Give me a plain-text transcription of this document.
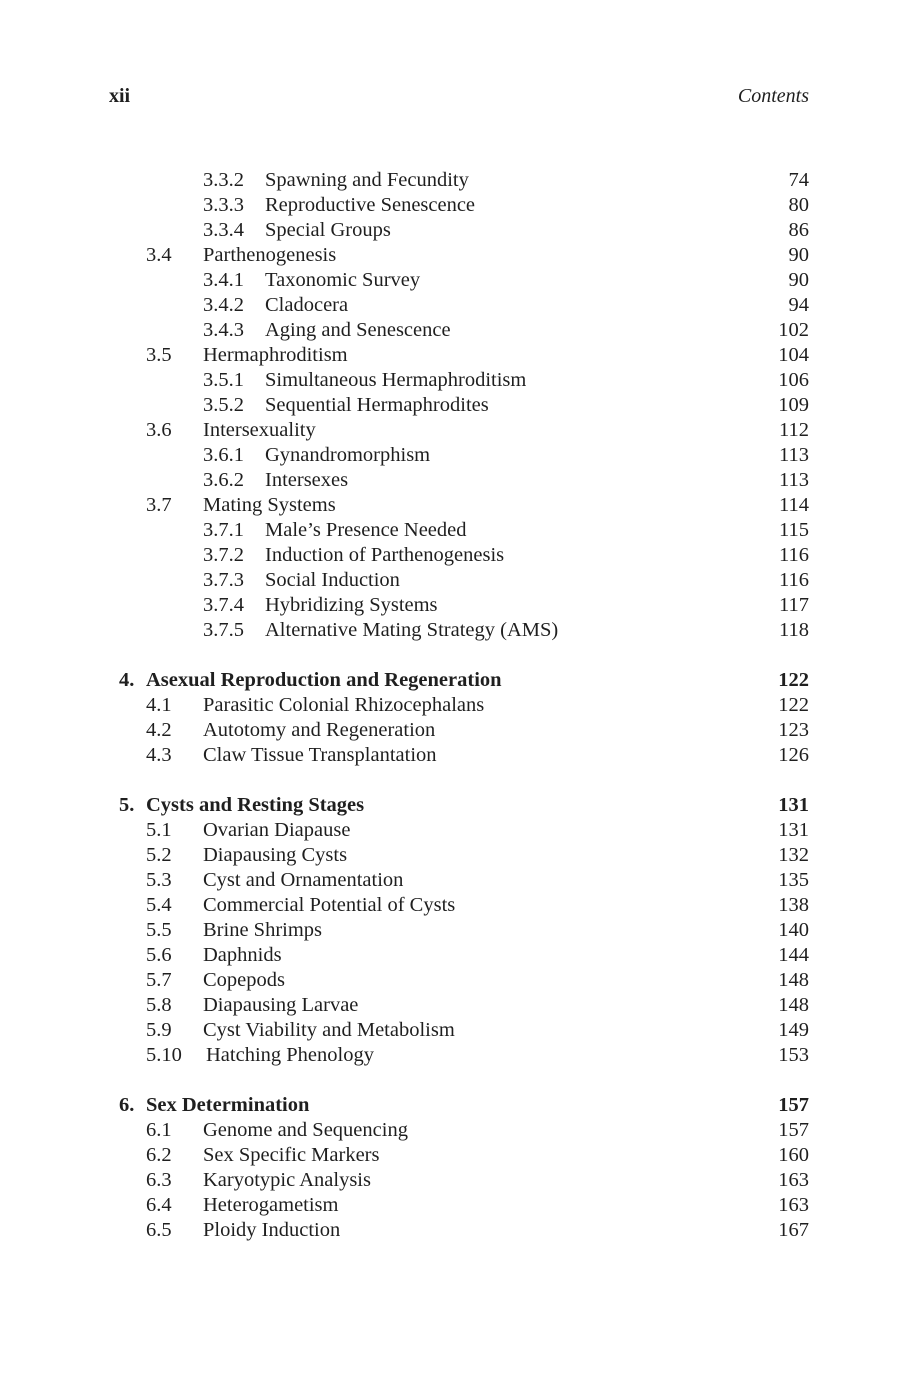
xii	Contents
3.3.2 Spawning and Fecundity	74
3.3.3 Reproductive Senescence	80
3.3.4 Special Groups	86
3.4 Parthenogenesis	90
3.4.1 Taxonomic Survey	90
3.4.2 Cladocera	94
3.4.3 Aging and Senescence	102
3.5 Hermaphroditism	104
3.5.1 Simultaneous Hermaphroditism	106
3.5.2 Sequential Hermaphrodites	109
3.6 Intersexuality	112
3.6.1 Gynandromorphism	113
3.6.2 Intersexes	113
3.7 Mating Systems	114
3.7.1 Male’s Presence Needed	115
3.7.2 Induction of Parthenogenesis	116
3.7.3 Social Induction	116
3.7.4 Hybridizing Systems	117
3.7.5 Alternative Mating Strategy (AMS)	118
4. Asexual Reproduction and Regeneration	122
4.1 Parasitic Colonial Rhizocephalans	122
4.2 Autotomy and Regeneration	123
4.3 Claw Tissue Transplantation	126
5. Cysts and Resting Stages	131
5.1 Ovarian Diapause	131
5.2 Diapausing Cysts	132
5.3 Cyst and Ornamentation	135
5.4 Commercial Potential of Cysts	138
5.5 Brine Shrimps	140
5.6 Daphnids	144
5.7 Copepods	148
5.8 Diapausing Larvae	148
5.9 Cyst Viability and Metabolism	149
5.10 Hatching Phenology	153
6. Sex Determination	157
6.1 Genome and Sequencing	157
6.2 Sex Specific Markers	160
6.3 Karyotypic Analysis	163
6.4 Heterogametism	163
6.5 Ploidy Induction	167
